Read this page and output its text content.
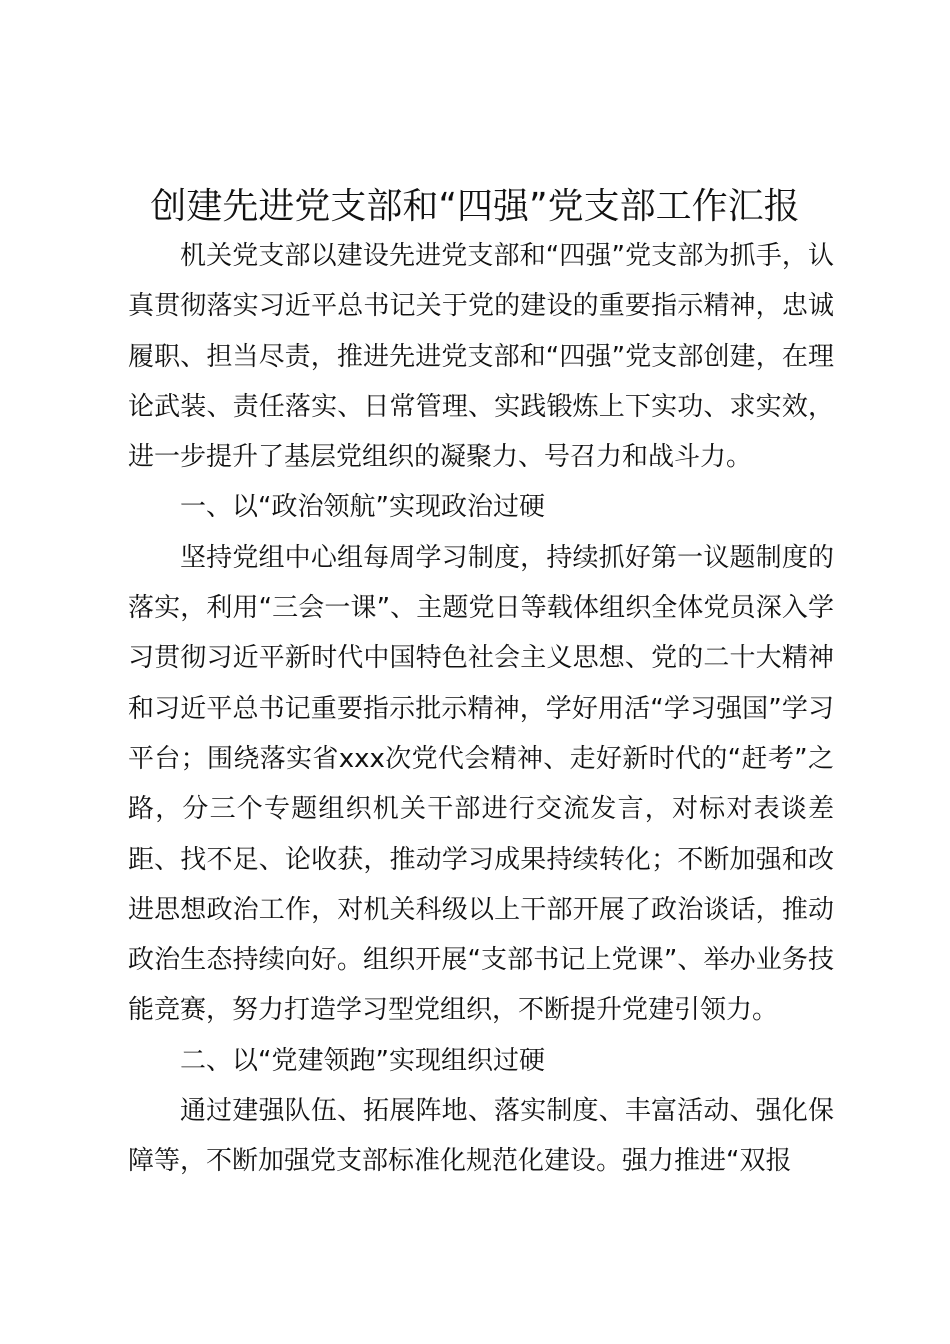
创建先进党支部和“四强”党支部工作汇报

机关党支部以建设先进党支部和“四强”党支部为抓手，认真贯彻落实习近平总书记关于党的建设的重要指示精神，忠诚履职、担当尽责，推进先进党支部和“四强”党支部创建，在理论武装、责任落实、日常管理、实践锻炼上下实功、求实效，进一步提升了基层党组织的凝聚力、号召力和战斗力。

一、以“政治领航”实现政治过硬

坚持党组中心组每周学习制度，持续抓好第一议题制度的落实，利用“三会一课”、主题党日等载体组织全体党员深入学习贯彻习近平新时代中国特色社会主义思想、党的二十大精神和习近平总书记重要指示批示精神，学好用活“学习强国”学习平台；围绕落实省xxx次党代会精神、走好新时代的“赶考”之路，分三个专题组织机关干部进行交流发言，对标对表谈差距、找不足、论收获，推动学习成果持续转化；不断加强和改进思想政治工作，对机关科级以上干部开展了政治谈话，推动政治生态持续向好。组织开展“支部书记上党课”、举办业务技能竞赛，努力打造学习型党组织，不断提升党建引领力。

二、以“党建领跑”实现组织过硬

通过建强队伍、拓展阵地、落实制度、丰富活动、强化保障等，不断加强党支部标准化规范化建设。强力推进“双报
